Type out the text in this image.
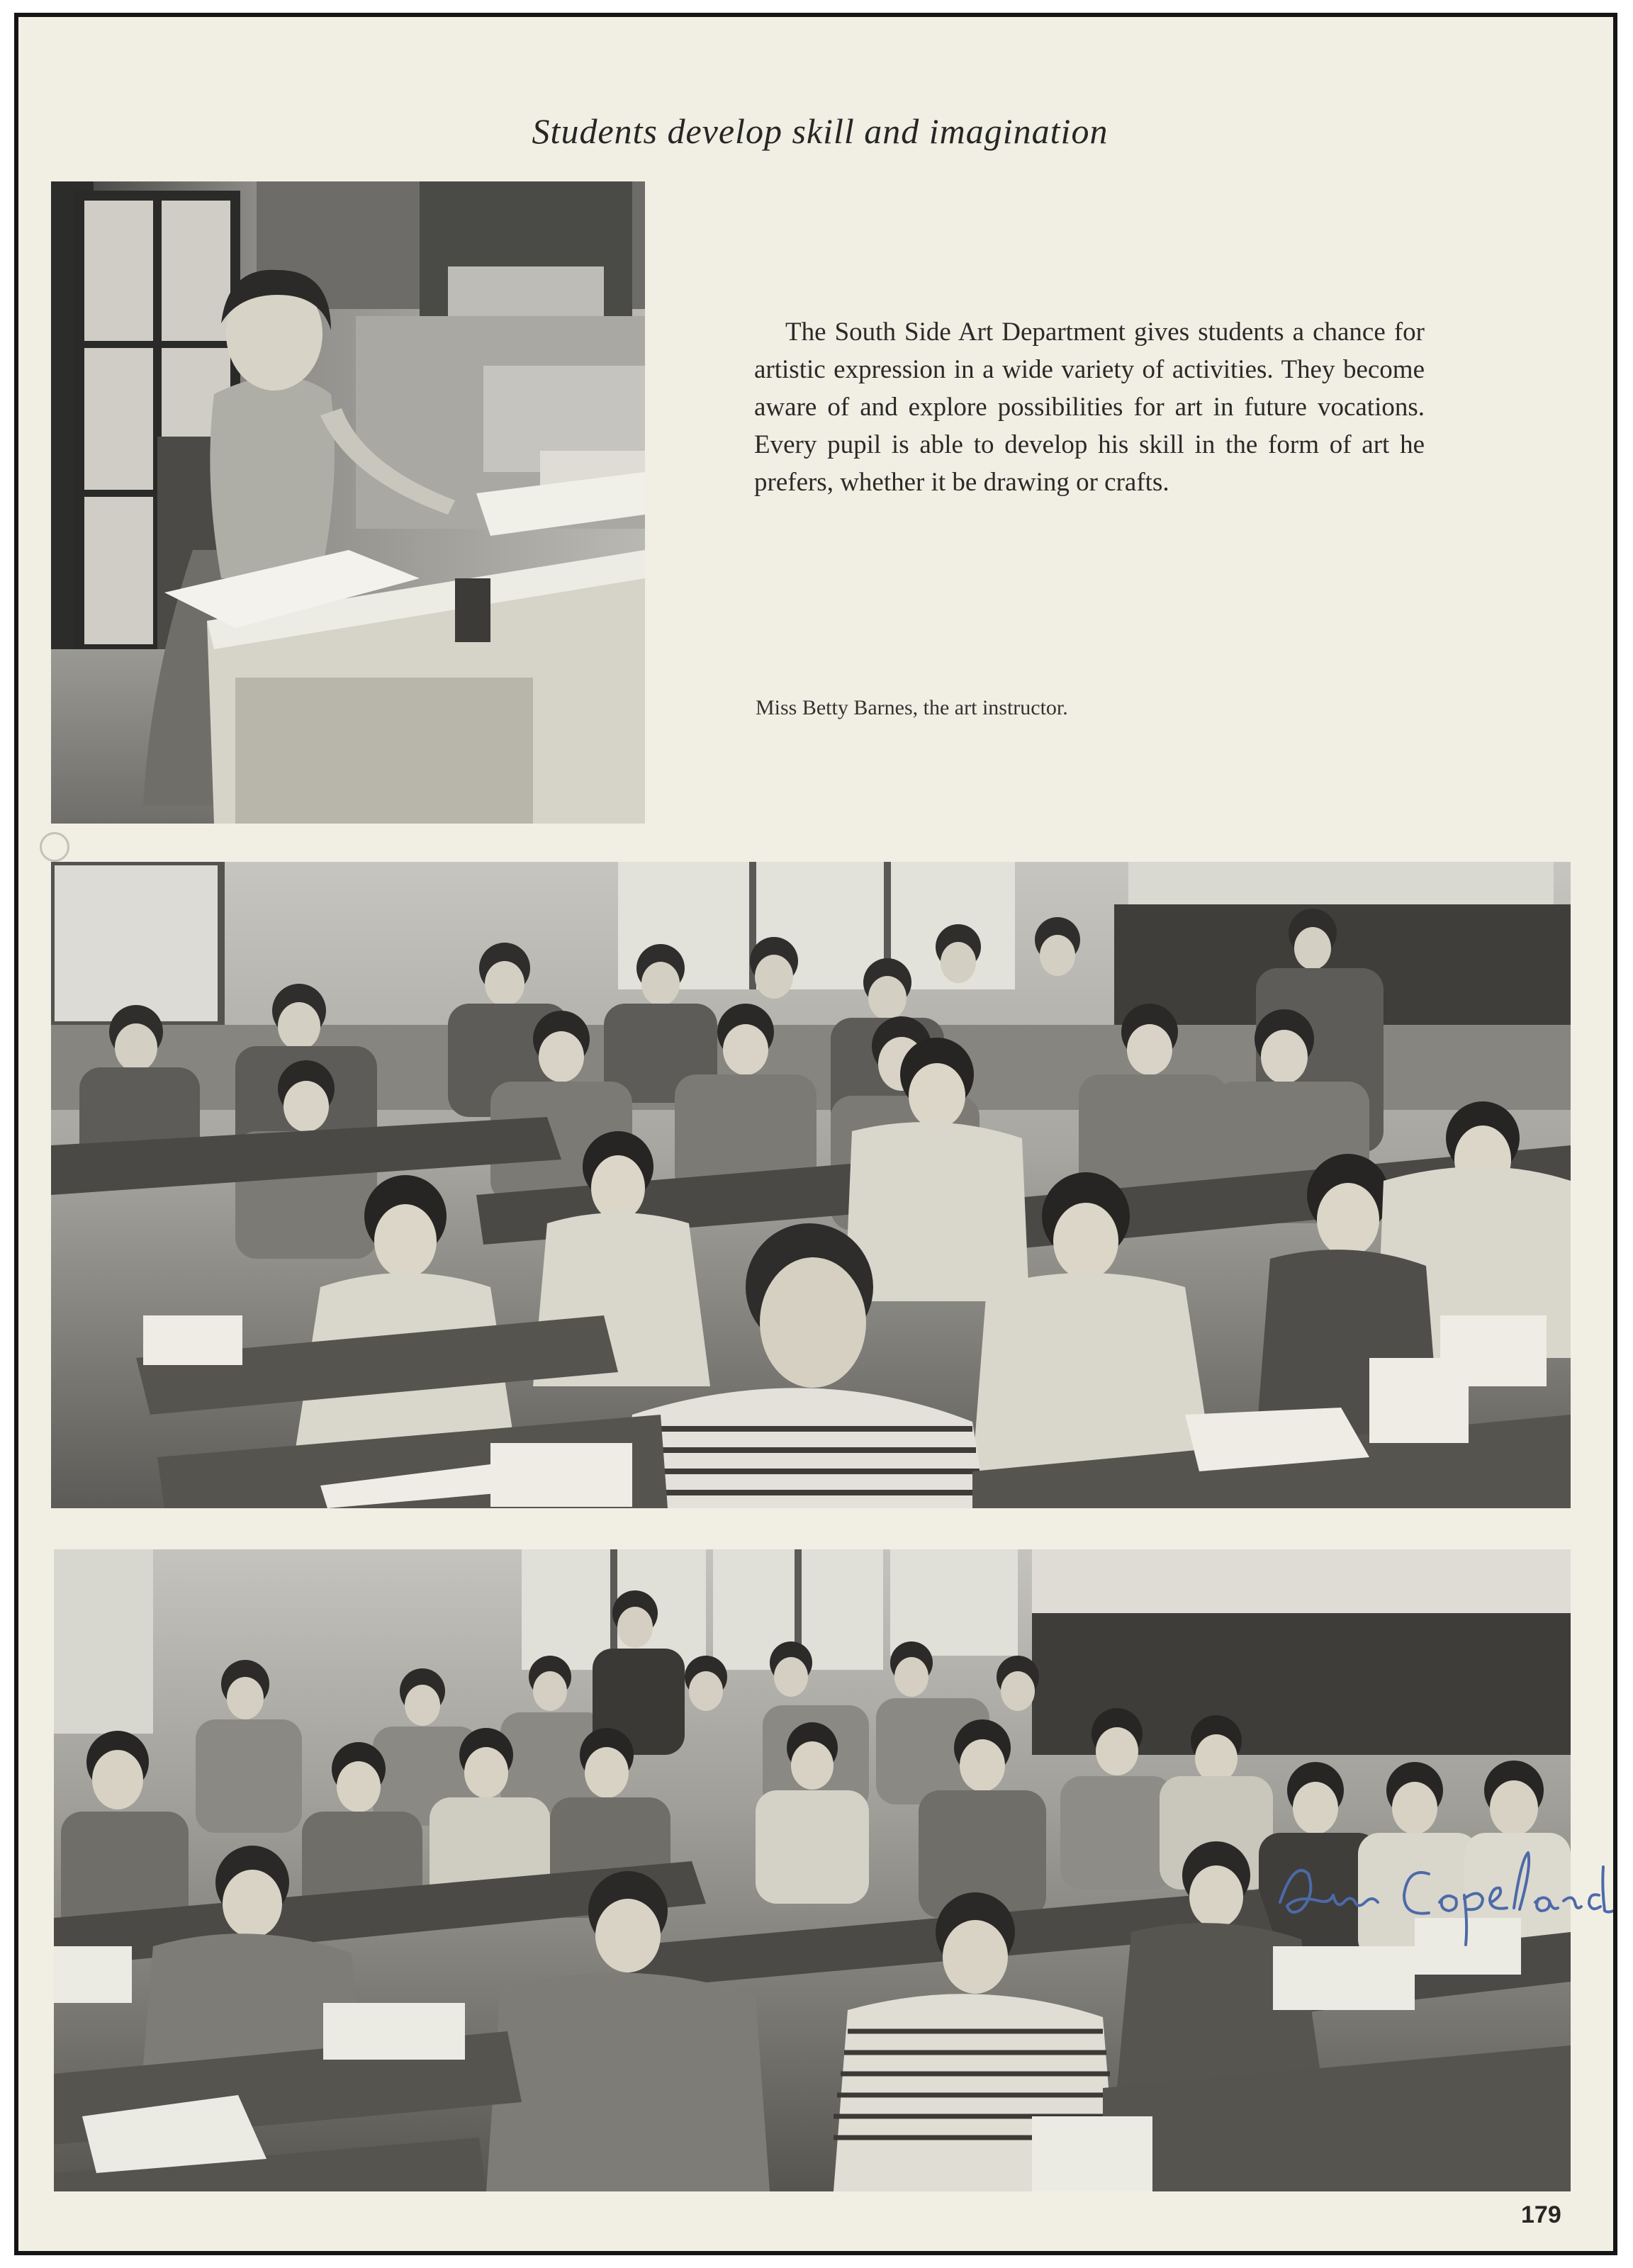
Students develop skill and imagination

The South Side Art Department gives students a chance for artistic expression in a wide variety of activities. They become aware of and explore possibilities for art in future vocations. Every pupil is able to develop his skill in the form of art he prefers, whether it be drawing or crafts.

Miss Betty Barnes, the art instructor.

179
